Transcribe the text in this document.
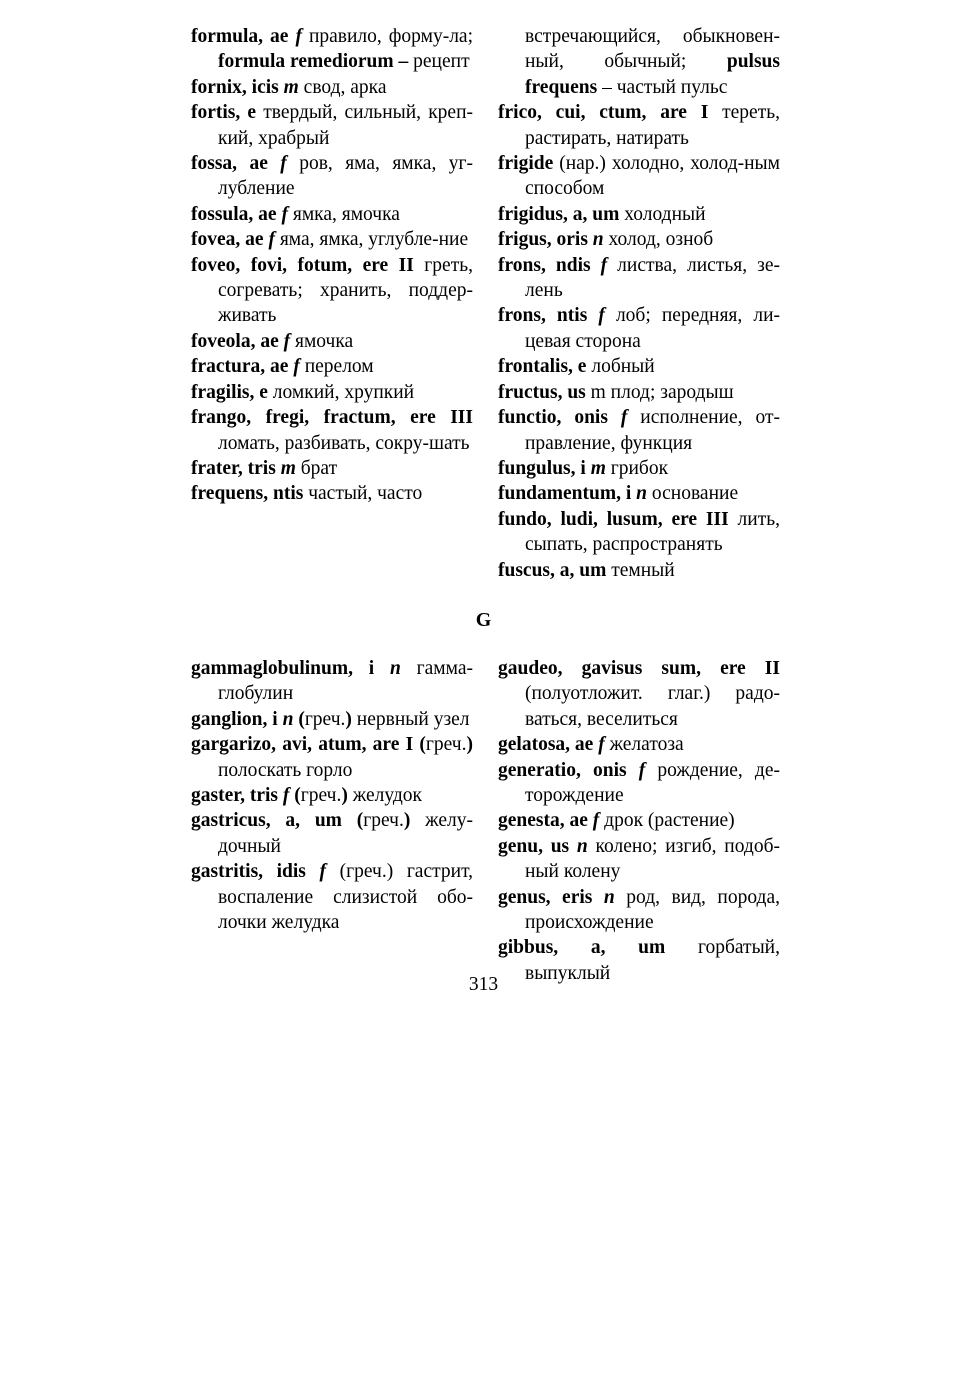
formula, ae f правило, форму-ла; formula remediorum – рецепт
fornix, icis m свод, арка
fortis, e твердый, сильный, креп-кий, храбрый
fossa, ae f ров, яма, ямка, уг-лубление
fossula, ae f ямка, ямочка
fovea, ae f яма, ямка, углубле-ние
foveo, fovi, fotum, ere II греть, согревать; хранить, поддер-живать
foveola, ae f ямочка
fractura, ae f перелом
fragilis, e ломкий, хрупкий
frango, fregi, fractum, ere III ломать, разбивать, сокру-шать
frater, tris m брат
frequens, ntis частый, часто
встречающийся, обыкновен-ный, обычный; pulsus frequens – частый пульс
frico, cui, ctum, are I тереть, растирать, натирать
frigide (нар.) холодно, холод-ным способом
frigidus, a, um холодный
frigus, oris n холод, озноб
frons, ndis f листва, листья, зе-лень
frons, ntis f лоб; передняя, ли-цевая сторона
frontalis, e лобный
fructus, us m плод; зародыш
functio, onis f исполнение, от-правление, функция
fungulus, i m грибок
fundamentum, i n основание
fundo, ludi, lusum, ere III лить, сыпать, распространять
fuscus, a, um темный
G
gammaglobulinum, i n гамма-глобулин
ganglion, i n (греч.) нервный узел
gargarizo, avi, atum, are I (греч.) полоскать горло
gaster, tris f (греч.) желудок
gastricus, a, um (греч.) желу-дочный
gastritis, idis f (греч.) гастрит, воспаление слизистой обо-лочки желудка
gaudeo, gavisus sum, ere II (полуотложит. глаг.) радо-ваться, веселиться
gelatosa, ae f желатоза
generatio, onis f рождение, де-торождение
genesta, ae f дрок (растение)
genu, us n колено; изгиб, подоб-ный колену
genus, eris n род, вид, порода, происхождение
gibbus, a, um горбатый, выпуклый
313
